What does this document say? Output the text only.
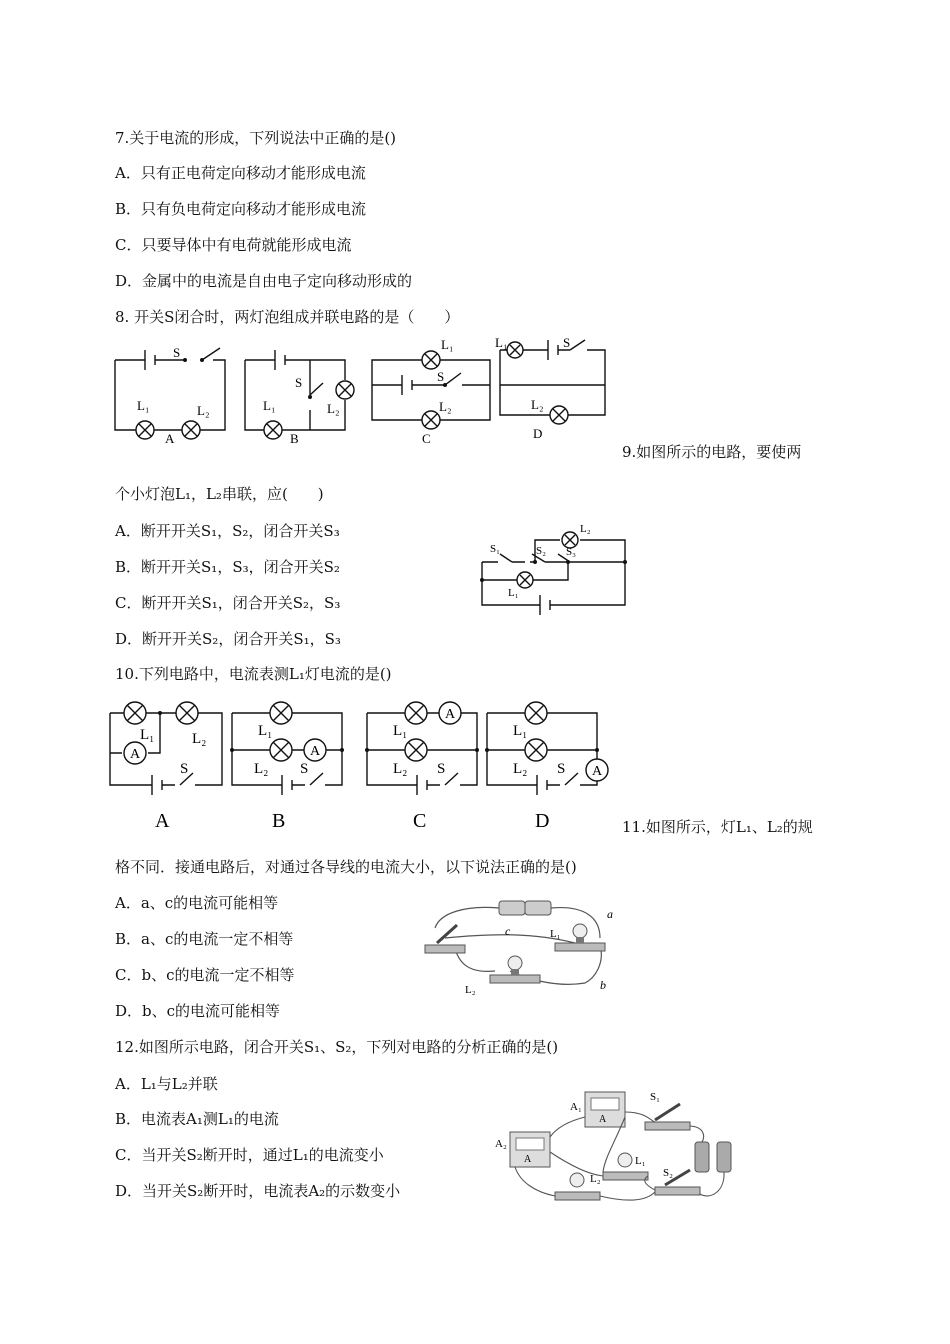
7.关于电流的形成，下列说法中正确的是()
A．只有正电荷定向移动才能形成电流
B．只有负电荷定向移动才能形成电流
C．只要导体中有电荷就能形成电流
D．金属中的电流是自由电子定向移动形成的
8. 开关S闭合时，两灯泡组成并联电路的是（　　）
S
L₁	L₂
A
S
L₁	L₂
B
L₁
S
L₂
C
L₁	S
L₂
D
9.如图所示的电路，要使两
个小灯泡L₁，L₂串联，应(　　)
A．断开开关S₁，S₂，闭合开关S₃
B．断开开关S₁，S₃，闭合开关S₂
C．断开开关S₁，闭合开关S₂，S₃
D．断开开关S₂，闭合开关S₁，S₃
S₁	S₂ S₃
L₂
L₁
10.下列电路中，电流表测L₁灯电流的是()
A
L₁	L₂
S
A
A
L₁
L₂ S
B
A
L₁
L₂ S
C
A
L₁
L₂ S
D	11.如图所示，灯L₁、L₂的规
格不同．接通电路后，对通过各导线的电流大小，以下说法正确的是()
A．a、c的电流可能相等
B．a、c的电流一定不相等
C．b、c的电流一定不相等
D．b、c的电流可能相等
a
c
b
L₁
L₂
12.如图所示电路，闭合开关S₁、S₂，下列对电路的分析正确的是()
A．L₁与L₂并联
B．电流表A₁测L₁的电流
C．当开关S₂断开时，通过L₁的电流变小
D．当开关S₂断开时，电流表A₂的示数变小
A
A₁
A
A₂
S₁
L₁
L₂	S₂
